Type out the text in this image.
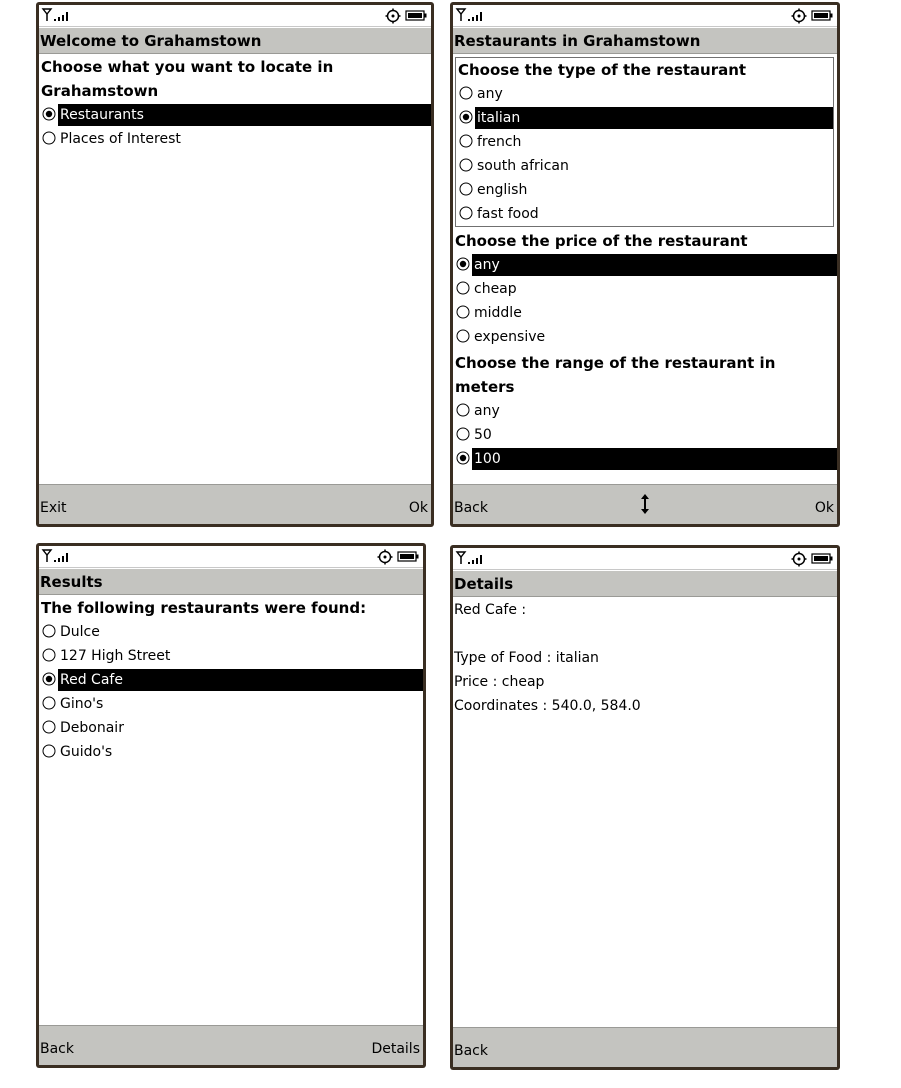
Welcome to Grahamstown
Choose what you want to locate in Grahamstown
Restaurants
Places of Interest
Exit	Ok
Restaurants in Grahamstown
Choose the type of the restaurant
any
italian
french
south african
english
fast food
Choose the price of the restaurant
any
cheap
middle
expensive
Choose the range of the restaurant in meters
any
50
100
Back	Ok
Results
The following restaurants were found:
Dulce
127 High Street
Red Cafe
Gino's
Debonair
Guido's
Back	Details
Details
Red Cafe :
Type of Food : italian
Price : cheap
Coordinates : 540.0, 584.0
Back
